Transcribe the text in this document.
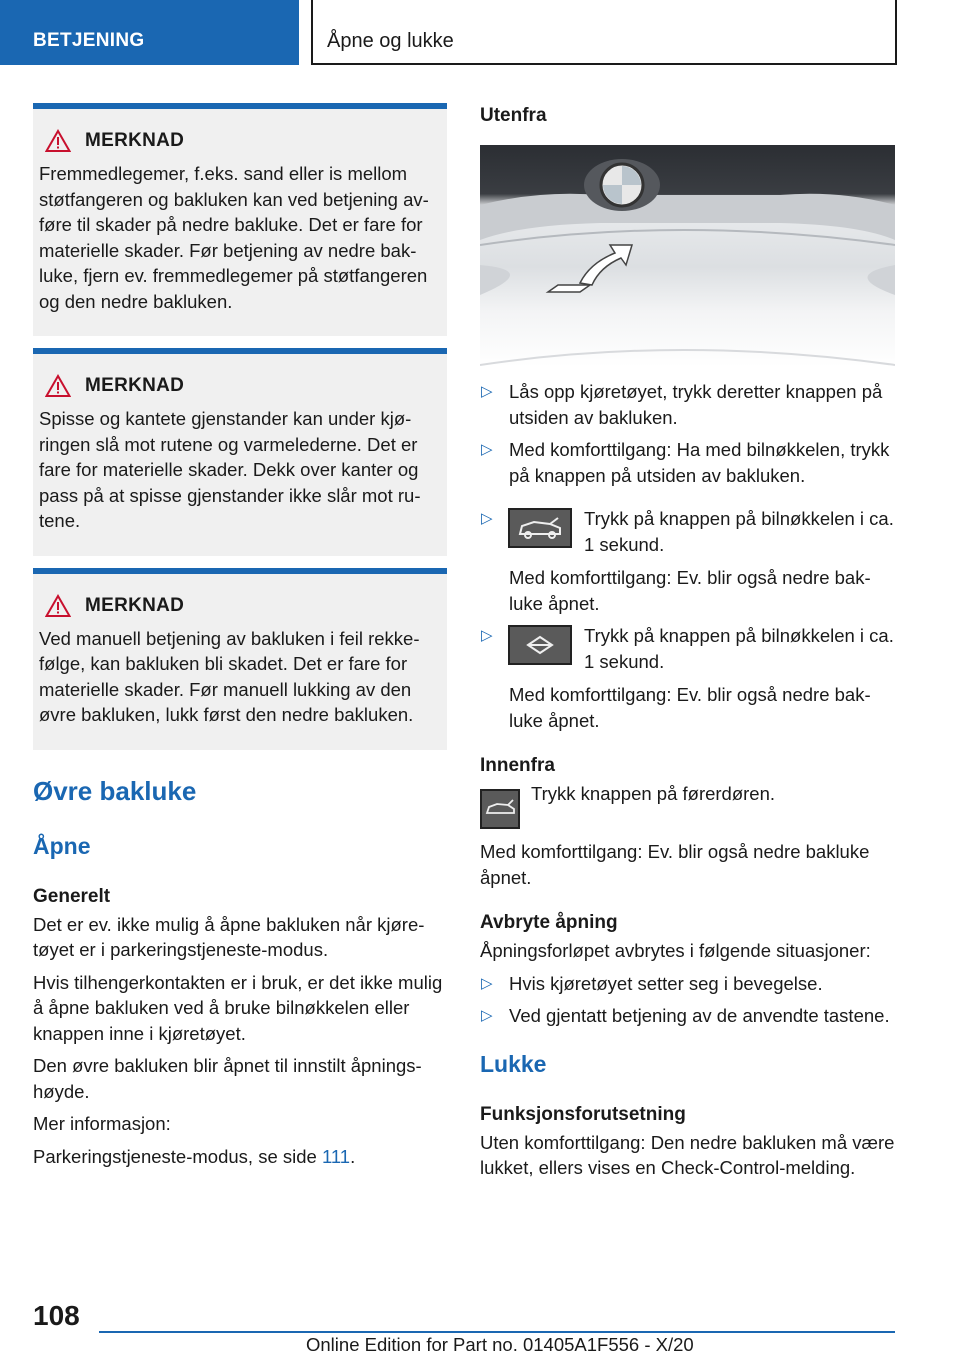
BETJENING	Åpne og lukke
MERKNAD
Fremmedlegemer, f.eks. sand eller is mellom støtfangeren og bakluken kan ved betjening avføre til skader på nedre bakluke. Det er fare for materielle skader. Før betjening av nedre bakluke, fjern ev. fremmedlegemer på støtfangeren og den nedre bakluken.
MERKNAD
Spisse og kantete gjenstander kan under kjøringen slå mot rutene og varmelederne. Det er fare for materielle skader. Dekk over kanter og pass på at spisse gjenstander ikke slår mot rutene.
MERKNAD
Ved manuell betjening av bakluken i feil rekkefølge, kan bakluken bli skadet. Det er fare for materielle skader. Før manuell lukking av den øvre bakluken, lukk først den nedre bakluken.
Øvre bakluke
Åpne
Generelt

Det er ev. ikke mulig å åpne bakluken når kjøretøyet er i parkeringstjeneste-modus.

Hvis tilhengerkontakten er i bruk, er det ikke mulig å åpne bakluken ved å bruke bilnøkkelen eller knappen inne i kjøretøyet.

Den øvre bakluken blir åpnet til innstilt åpningshøyde.

Mer informasjon:

Parkeringstjeneste-modus, se side 111.

Utenfra
▷ Lås opp kjøretøyet, trykk deretter knappen på utsiden av bakluken.
▷ Med komforttilgang: Ha med bilnøkkelen, trykk på knappen på utsiden av bakluken.
▷	Trykk på knappen på bilnøkkelen i ca. 1 sekund.
Med komforttilgang: Ev. blir også nedre bakluke åpnet.
▷	Trykk på knappen på bilnøkkelen i ca. 1 sekund.
Med komforttilgang: Ev. blir også nedre bakluke åpnet.
Innenfra

Trykk knappen på førerdøren.

Med komforttilgang: Ev. blir også nedre bakluke åpnet.

Avbryte åpning

Åpningsforløpet avbrytes i følgende situasjoner:

▷ Hvis kjøretøyet setter seg i bevegelse.
▷ Ved gjentatt betjening av de anvendte tastene.
Lukke
Funksjonsforutsetning

Uten komforttilgang: Den nedre bakluken må være lukket, ellers vises en Check-Control-melding.

108
Online Edition for Part no. 01405A1F556 - X/20
